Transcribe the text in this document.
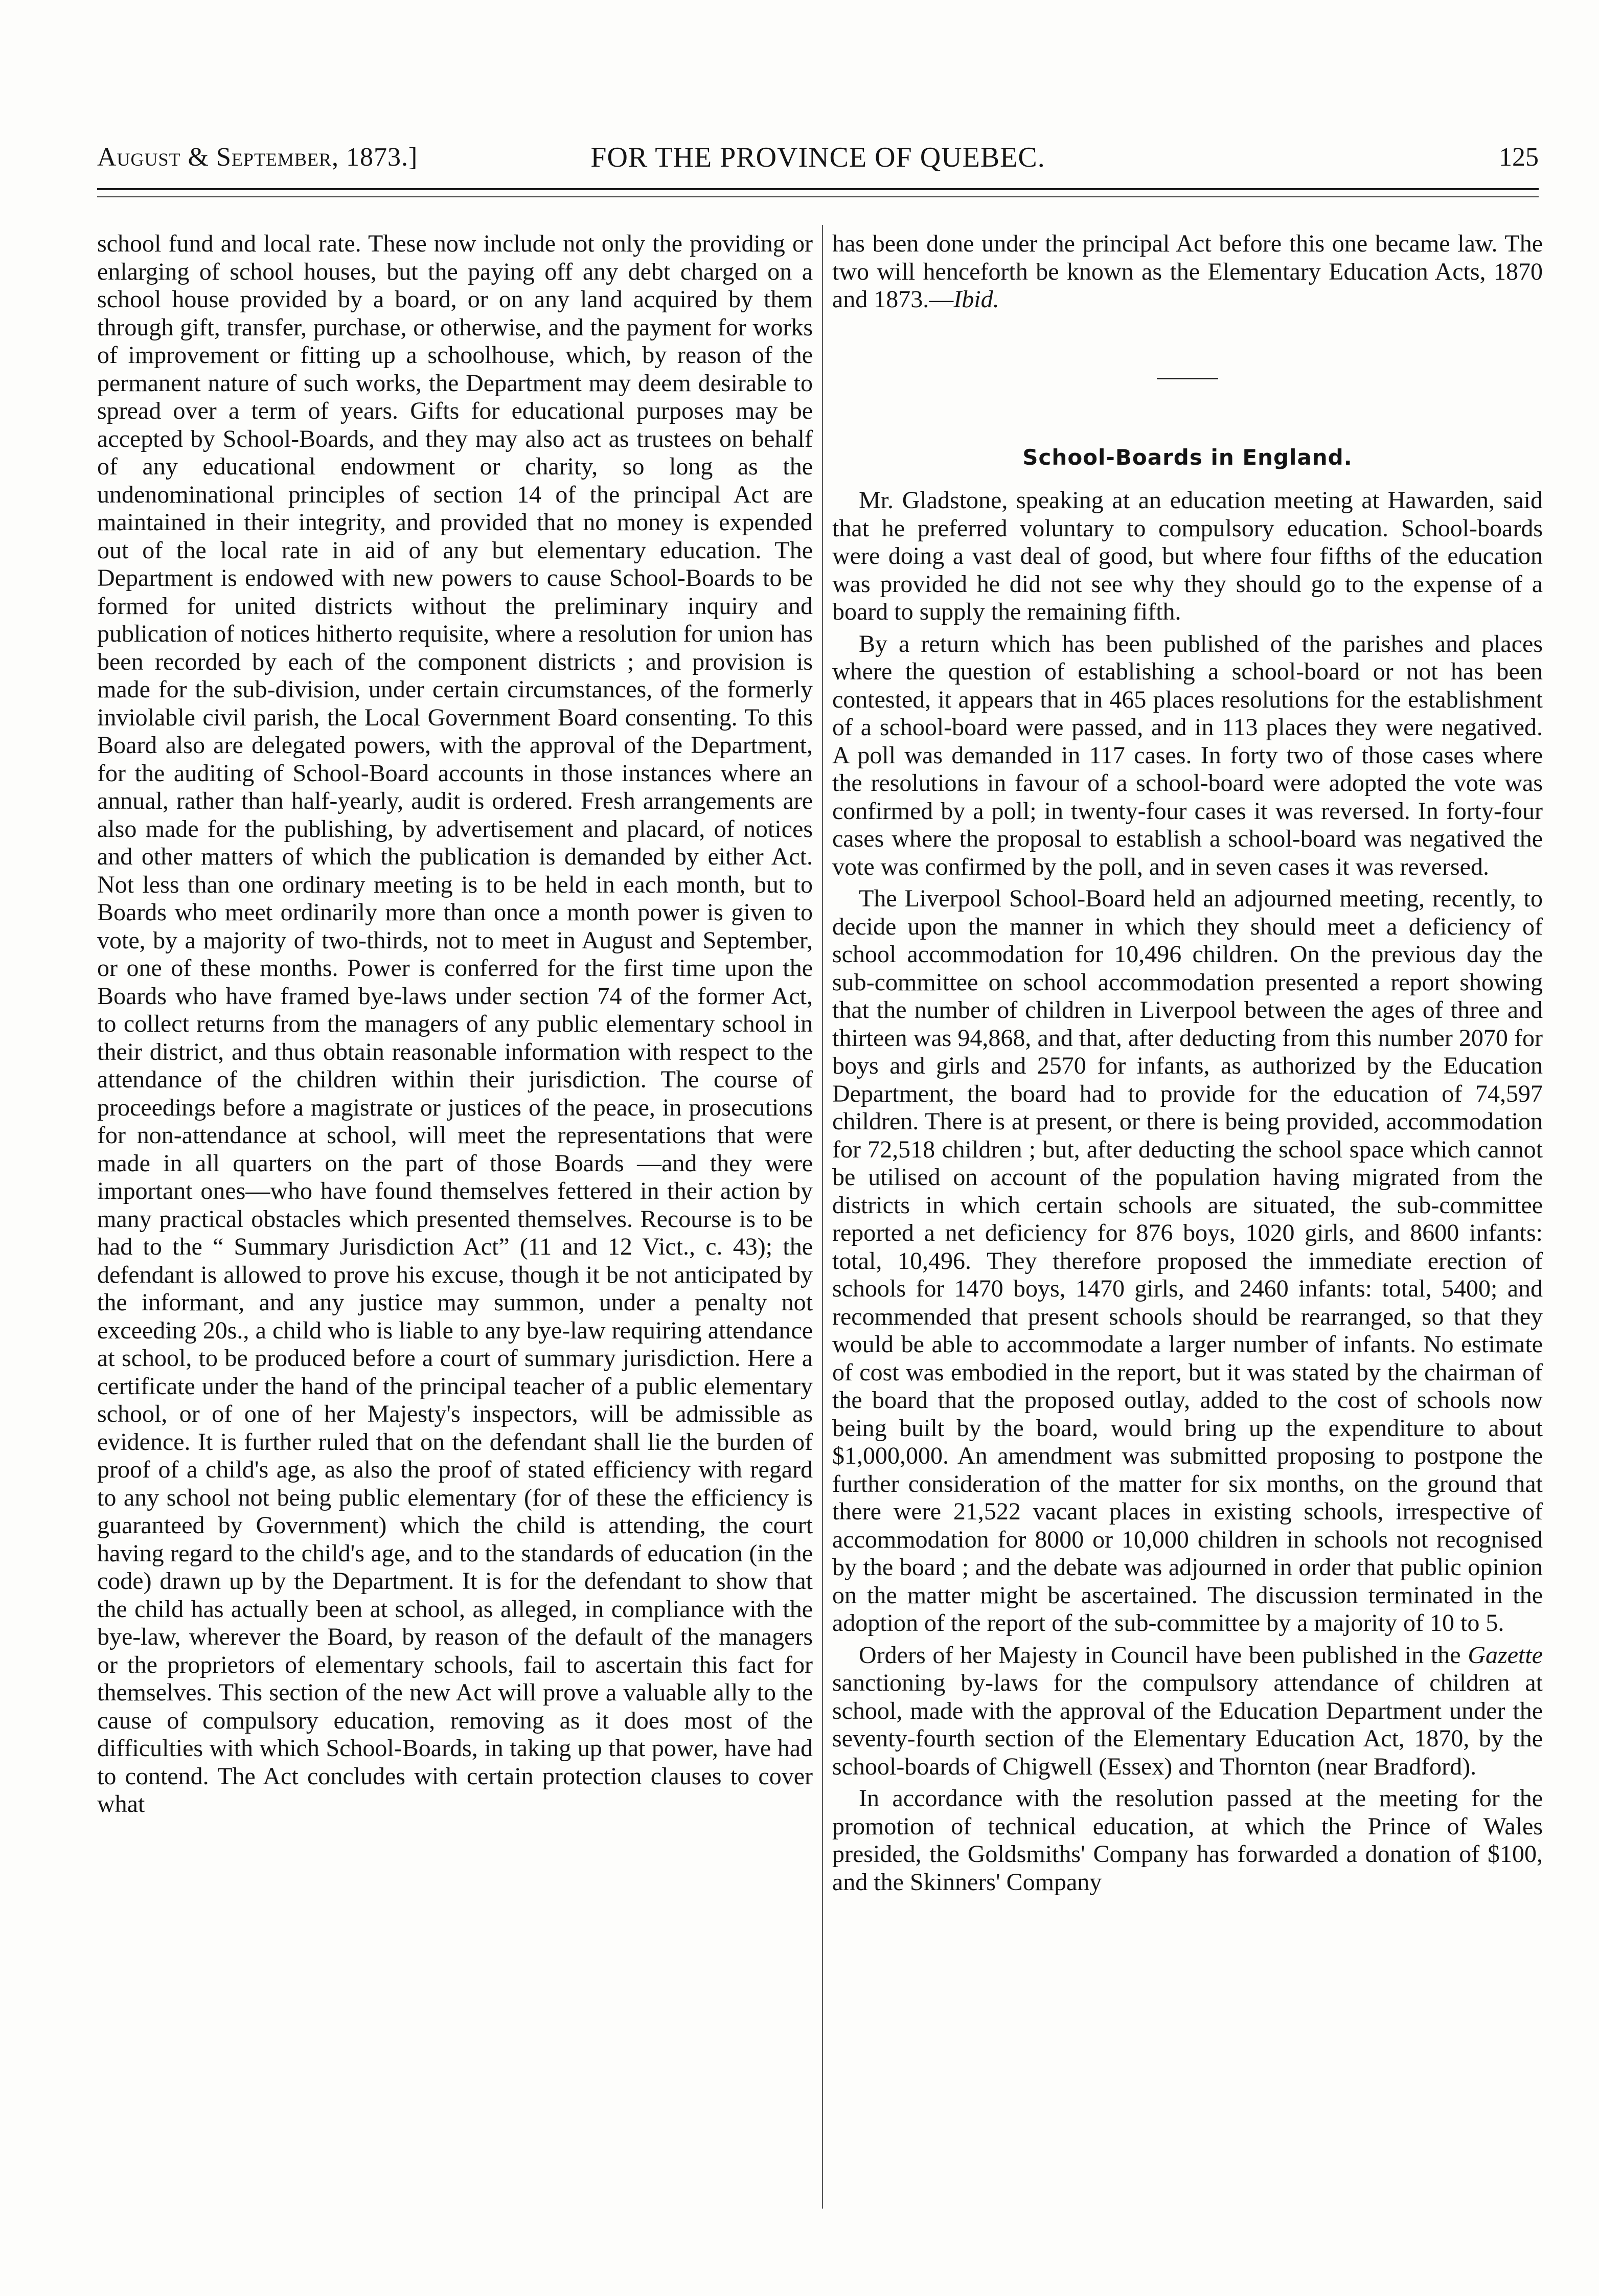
August & September, 1873.]	FOR THE PROVINCE OF QUEBEC.	125

school fund and local rate. These now include not only the providing or enlarging of school houses, but the paying off any debt charged on a school house provided by a board, or on any land acquired by them through gift, transfer, purchase, or otherwise, and the payment for works of improvement or fitting up a schoolhouse, which, by reason of the permanent nature of such works, the Department may deem desirable to spread over a term of years. Gifts for educational purposes may be accepted by School-Boards, and they may also act as trustees on behalf of any educational endowment or charity, so long as the undenominational principles of section 14 of the principal Act are maintained in their integrity, and provided that no money is expended out of the local rate in aid of any but elementary education. The Department is endowed with new powers to cause School-Boards to be formed for united districts without the preliminary inquiry and publication of notices hitherto requisite, where a resolution for union has been recorded by each of the component districts ; and provision is made for the sub-division, under certain circumstances, of the formerly inviolable civil parish, the Local Government Board consenting. To this Board also are delegated powers, with the approval of the Department, for the auditing of School-Board accounts in those instances where an annual, rather than half-yearly, audit is ordered. Fresh arrangements are also made for the publishing, by advertisement and placard, of notices and other matters of which the publication is demanded by either Act. Not less than one ordinary meeting is to be held in each month, but to Boards who meet ordinarily more than once a month power is given to vote, by a majority of two-thirds, not to meet in August and September, or one of these months. Power is conferred for the first time upon the Boards who have framed bye-laws under section 74 of the former Act, to collect returns from the managers of any public elementary school in their district, and thus obtain reasonable information with respect to the attendance of the children within their jurisdiction. The course of proceedings before a magistrate or justices of the peace, in prosecutions for non-attendance at school, will meet the representations that were made in all quarters on the part of those Boards —and they were important ones—who have found themselves fettered in their action by many practical obstacles which presented themselves. Recourse is to be had to the “ Summary Jurisdiction Act” (11 and 12 Vict., c. 43); the defendant is allowed to prove his excuse, though it be not anticipated by the informant, and any justice may summon, under a penalty not exceeding 20s., a child who is liable to any bye-law requiring attendance at school, to be produced before a court of summary jurisdiction. Here a certificate under the hand of the principal teacher of a public elementary school, or of one of her Majesty's inspectors, will be admissible as evidence. It is further ruled that on the defendant shall lie the burden of proof of a child's age, as also the proof of stated efficiency with regard to any school not being public elementary (for of these the efficiency is guaranteed by Government) which the child is attending, the court having regard to the child's age, and to the standards of education (in the code) drawn up by the Department. It is for the defendant to show that the child has actually been at school, as alleged, in compliance with the bye-law, wherever the Board, by reason of the default of the managers or the proprietors of elementary schools, fail to ascertain this fact for themselves. This section of the new Act will prove a valuable ally to the cause of compulsory education, removing as it does most of the difficulties with which School-Boards, in taking up that power, have had to contend. The Act concludes with certain protection clauses to cover what

has been done under the principal Act before this one became law. The two will henceforth be known as the Elementary Education Acts, 1870 and 1873.—Ibid.

School-Boards in England.

Mr. Gladstone, speaking at an education meeting at Hawarden, said that he preferred voluntary to compulsory education. School-boards were doing a vast deal of good, but where four fifths of the education was provided he did not see why they should go to the expense of a board to supply the remaining fifth.

By a return which has been published of the parishes and places where the question of establishing a school-board or not has been contested, it appears that in 465 places resolutions for the establishment of a school-board were passed, and in 113 places they were negatived. A poll was demanded in 117 cases. In forty two of those cases where the resolutions in favour of a school-board were adopted the vote was confirmed by a poll; in twenty-four cases it was reversed. In forty-four cases where the proposal to establish a school-board was negatived the vote was confirmed by the poll, and in seven cases it was reversed.

The Liverpool School-Board held an adjourned meeting, recently, to decide upon the manner in which they should meet a deficiency of school accommodation for 10,496 children. On the previous day the sub-committee on school accommodation presented a report showing that the number of children in Liverpool between the ages of three and thirteen was 94,868, and that, after deducting from this number 2070 for boys and girls and 2570 for infants, as authorized by the Education Department, the board had to provide for the education of 74,597 children. There is at present, or there is being provided, accommodation for 72,518 children ; but, after deducting the school space which cannot be utilised on account of the population having migrated from the districts in which certain schools are situated, the sub-committee reported a net deficiency for 876 boys, 1020 girls, and 8600 infants: total, 10,496. They therefore proposed the immediate erection of schools for 1470 boys, 1470 girls, and 2460 infants: total, 5400; and recommended that present schools should be rearranged, so that they would be able to accommodate a larger number of infants. No estimate of cost was embodied in the report, but it was stated by the chairman of the board that the proposed outlay, added to the cost of schools now being built by the board, would bring up the expenditure to about $1,000,000. An amendment was submitted proposing to postpone the further consideration of the matter for six months, on the ground that there were 21,522 vacant places in existing schools, irrespective of accommodation for 8000 or 10,000 children in schools not recognised by the board ; and the debate was adjourned in order that public opinion on the matter might be ascertained. The discussion terminated in the adoption of the report of the sub-committee by a majority of 10 to 5.

Orders of her Majesty in Council have been published in the Gazette sanctioning by-laws for the compulsory attendance of children at school, made with the approval of the Education Department under the seventy-fourth section of the Elementary Education Act, 1870, by the school-boards of Chigwell (Essex) and Thornton (near Bradford).

In accordance with the resolution passed at the meeting for the promotion of technical education, at which the Prince of Wales presided, the Goldsmiths' Company has forwarded a donation of $100, and the Skinners' Company
